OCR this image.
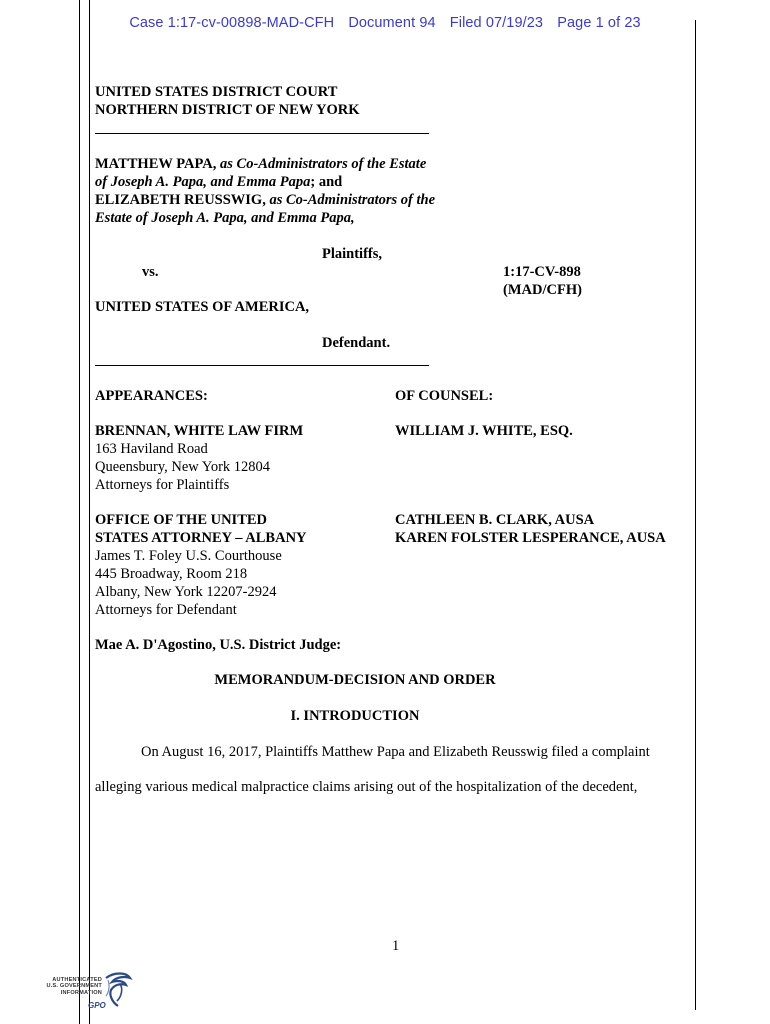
Case 1:17-cv-00898-MAD-CFH Document 94 Filed 07/19/23 Page 1 of 23
UNITED STATES DISTRICT COURT
NORTHERN DISTRICT OF NEW YORK
MATTHEW PAPA, as Co-Administrators of the Estate
of Joseph A. Papa, and Emma Papa; and
ELIZABETH REUSSWIG, as Co-Administrators of the
Estate of Joseph A. Papa, and Emma Papa,
Plaintiffs,
vs.	1:17-CV-898
(MAD/CFH)
UNITED STATES OF AMERICA,
Defendant.
APPEARANCES:	OF COUNSEL:
BRENNAN, WHITE LAW FIRM
163 Haviland Road
Queensbury, New York 12804
Attorneys for Plaintiffs
WILLIAM J. WHITE, ESQ.
OFFICE OF THE UNITED
STATES ATTORNEY – ALBANY
James T. Foley U.S. Courthouse
445 Broadway, Room 218
Albany, New York 12207-2924
Attorneys for Defendant
CATHLEEN B. CLARK, AUSA
KAREN FOLSTER LESPERANCE, AUSA
Mae A. D'Agostino, U.S. District Judge:
MEMORANDUM-DECISION AND ORDER
I. INTRODUCTION
On August 16, 2017, Plaintiffs Matthew Papa and Elizabeth Reusswig filed a complaint
alleging various medical malpractice claims arising out of the hospitalization of the decedent,
1
AUTHENTICATED
U.S. GOVERNMENT
INFORMATION
GPO
